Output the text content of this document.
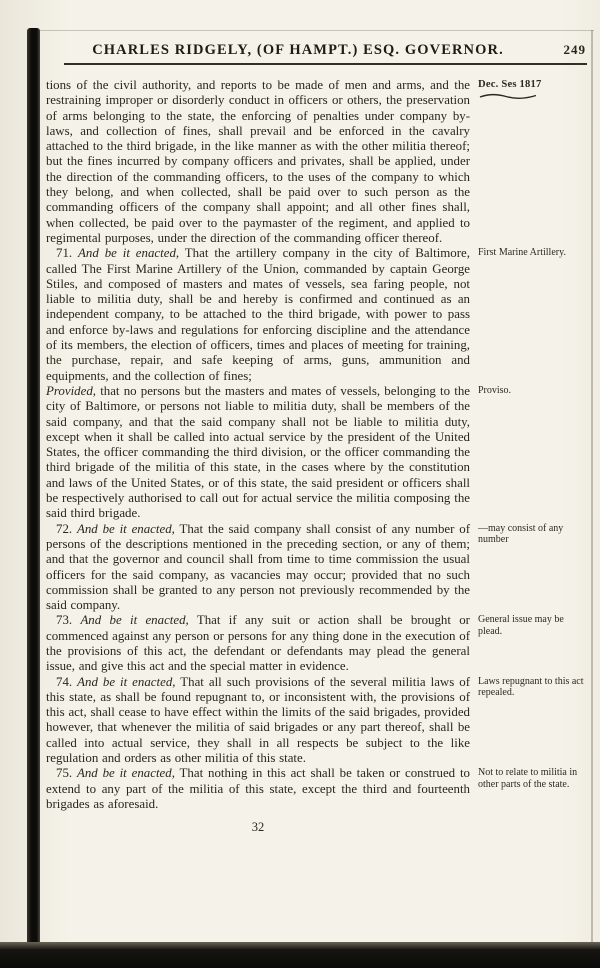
CHARLES RIDGELY, (OF HAMPT.) ESQ. GOVERNOR.	249
tions of the civil authority, and reports to be made of men and arms, and the restraining improper or disorderly conduct in officers or others, the preservation of arms belonging to the state, the enforcing of penalties under company by-laws, and collection of fines, shall prevail and be enforced in the cavalry attached to the third brigade, in the like manner as with the other militia thereof; but the fines incurred by company officers and privates, shall be applied, under the direction of the commanding officers, to the uses of the company to which they belong, and when collected, shall be paid over to such person as the commanding officers of the company shall appoint; and all other fines shall, when collected, be paid over to the paymaster of the regiment, and applied to regimental purposes, under the direction of the commanding officer thereof.
Dec. Ses 1817
71. And be it enacted, That the artillery company in the city of Baltimore, called The First Marine Artillery of the Union, commanded by captain George Stiles, and composed of masters and mates of vessels, sea faring people, not liable to militia duty, shall be and hereby is confirmed and continued as an independent company, to be attached to the third brigade, with power to pass and enforce by-laws and regulations for enforcing discipline and the attendance of its members, the election of officers, times and places of meeting for training, the purchase, repair, and safe keeping of arms, guns, ammunition and equipments, and the collection of fines;
First Marine Artillery.
Provided, that no persons but the masters and mates of vessels, belonging to the city of Baltimore, or persons not liable to militia duty, shall be members of the said company, and that the said company shall not be liable to militia duty, except when it shall be called into actual service by the president of the United States, the officer commanding the third division, or the officer commanding the third brigade of the militia of this state, in the cases where by the constitution and laws of the United States, or of this state, the said president or officers shall be respectively authorised to call out for actual service the militia composing the said third brigade.
Proviso.
72. And be it enacted, That the said company shall consist of any number of persons of the descriptions mentioned in the preceding section, or any of them; and that the governor and council shall from time to time commission the usual officers for the said company, as vacancies may occur; provided that no such commission shall be granted to any person not previously recommended by the said company.
—may consist of any number
73. And be it enacted, That if any suit or action shall be brought or commenced against any person or persons for any thing done in the execution of the provisions of this act, the defendant or defendants may plead the general issue, and give this act and the special matter in evidence.
General issue may be plead.
74. And be it enacted, That all such provisions of the several militia laws of this state, as shall be found repugnant to, or inconsistent with, the provisions of this act, shall cease to have effect within the limits of the said brigades, provided however, that whenever the militia of said brigades or any part thereof, shall be called into actual service, they shall in all respects be subject to the like regulation and orders as other militia of this state.
Laws repugnant to this act repealed.
75. And be it enacted, That nothing in this act shall be taken or construed to extend to any part of the militia of this state, except the third and fourteenth brigades as aforesaid.
Not to relate to militia in other parts of the state.
32
